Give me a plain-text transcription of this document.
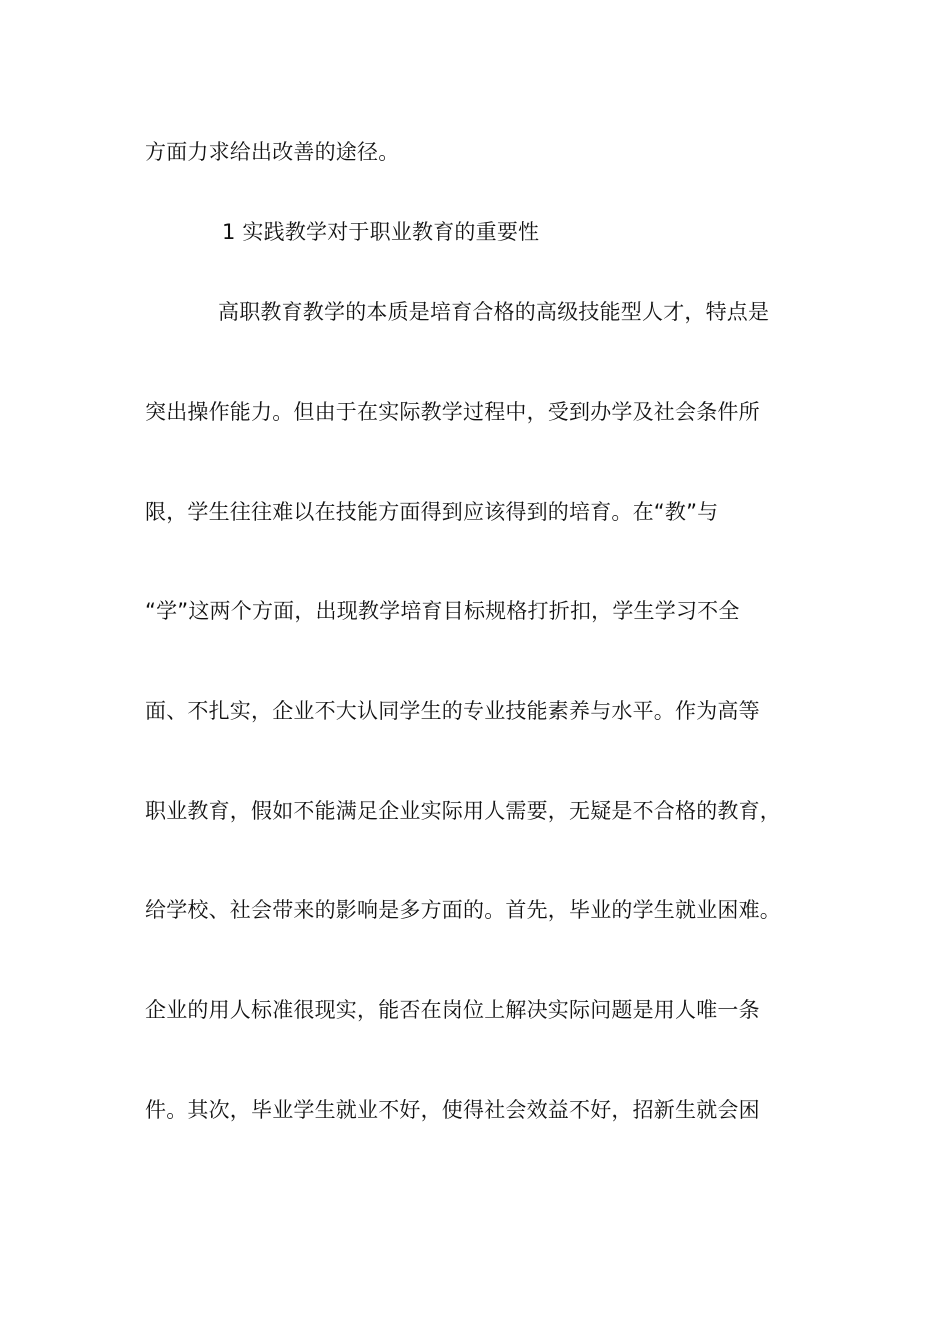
方面力求给出改善的途径。
1 实践教学对于职业教育的重要性
高职教育教学的本质是培育合格的高级技能型人才，特点是
突出操作能力。但由于在实际教学过程中，受到办学及社会条件所
限，学生往往难以在技能方面得到应该得到的培育。在“教”与
“学”这两个方面，出现教学培育目标规格打折扣，学生学习不全
面、不扎实，企业不大认同学生的专业技能素养与水平。作为高等
职业教育，假如不能满足企业实际用人需要，无疑是不合格的教育，
给学校、社会带来的影响是多方面的。首先，毕业的学生就业困难。
企业的用人标准很现实，能否在岗位上解决实际问题是用人唯一条
件。其次，毕业学生就业不好，使得社会效益不好，招新生就会困
